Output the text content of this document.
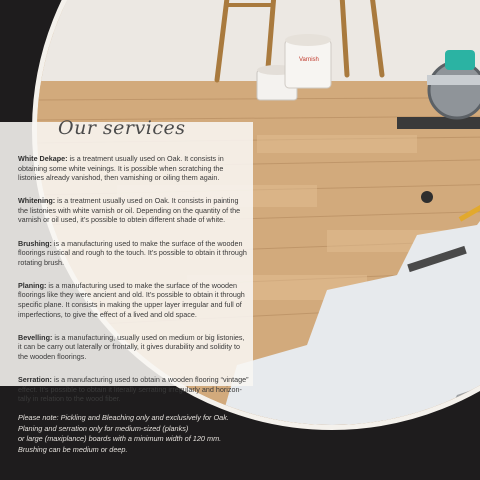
Varnish
Our services
White Dekape: is a treatment usually used on Oak. It consists in obtaining some white veinings. It is possible when scratching the listonies already vanishod, then vamishing or oiling them again.
Whitening: is a treatment usually used on Oak. It consists in painting the listonies with white varnish or oil. Depending on the quantity of the varnish or oil used, it’s possible to obtein different shade of white.
Brushing: is a manufacturing used to make the surface of the wooden floorings rustical and rough to the touch. It’s possible to obtain it through rotating brush.
Planing: is a manufacturing used to make the surface of the wooden floorings like they were ancient and old. It’s possible to obtain it through specific plane. It consists in making the upper layer irregular and full of imperfections, to give the effect of a lived and old space.
Bevelling: is a manufacturing, usually used on medium or big listonies, it can be carry out laterally or frontally, it gives durability and solidity to the wooden floorings.
Serration: is a manufacturing used to obtain a wooden flooring “vintage” effect. It’s possible to obtain it literally serrating irregularly and horizon-tally in relation to the wood fiber.
Please note: Pickling and Bleaching only and exclusively for Oak.
Planing and serration only for medium-sized (planks)
or large (maxiplance) boards with a minimum width of 120 mm.
Brushing can be medium or deep.
